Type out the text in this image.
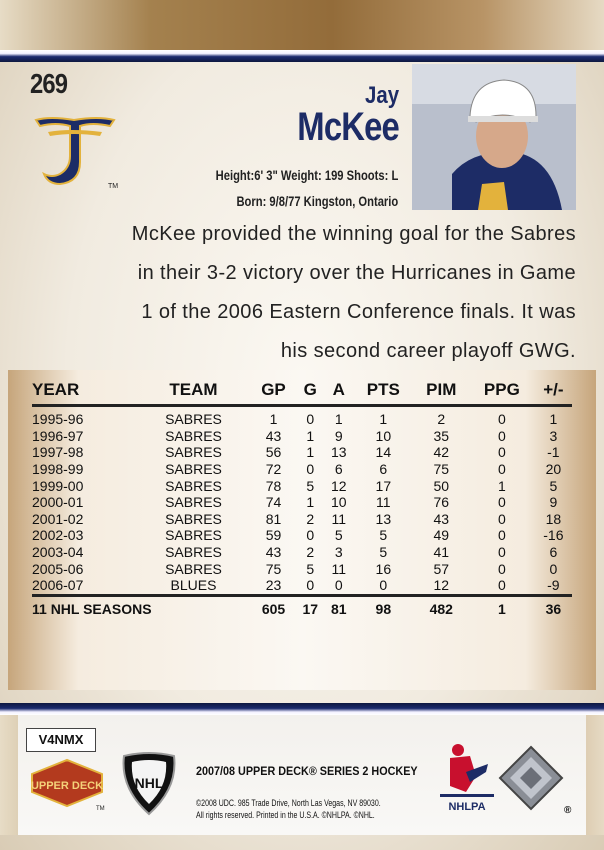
269
TM
Jay
McKee
Height:6' 3" Weight: 199 Shoots: L
Born: 9/8/77 Kingston, Ontario
McKee provided the winning goal for the Sabres
in their 3-2 victory over the Hurricanes in Game
1 of the 2006 Eastern Conference finals. It was
his second career playoff GWG.
YEAR	TEAM	GP	G	A	PTS	PIM	PPG	+/-
1995-96	SABRES	1	0	1	1	2	0	1
1996-97	SABRES	43	1	9	10	35	0	3
1997-98	SABRES	56	1	13	14	42	0	-1
1998-99	SABRES	72	0	6	6	75	0	20
1999-00	SABRES	78	5	12	17	50	1	5
2000-01	SABRES	74	1	10	11	76	0	9
2001-02	SABRES	81	2	11	13	43	0	18
2002-03	SABRES	59	0	5	5	49	0	-16
2003-04	SABRES	43	2	3	5	41	0	6
2005-06	SABRES	75	5	11	16	57	0	0
2006-07	BLUES	23	0	0	0	12	0	-9
11 NHL SEASONS		605	17	81	98	482	1	36
V4NMX
UPPER DECK
TM
NHL
2007/08 UPPER DECK® SERIES 2 HOCKEY
©2008 UDC. 985 Trade Drive, North Las Vegas, NV 89030.
All rights reserved. Printed in the U.S.A. ©NHLPA. ©NHL.
NHLPA	®
